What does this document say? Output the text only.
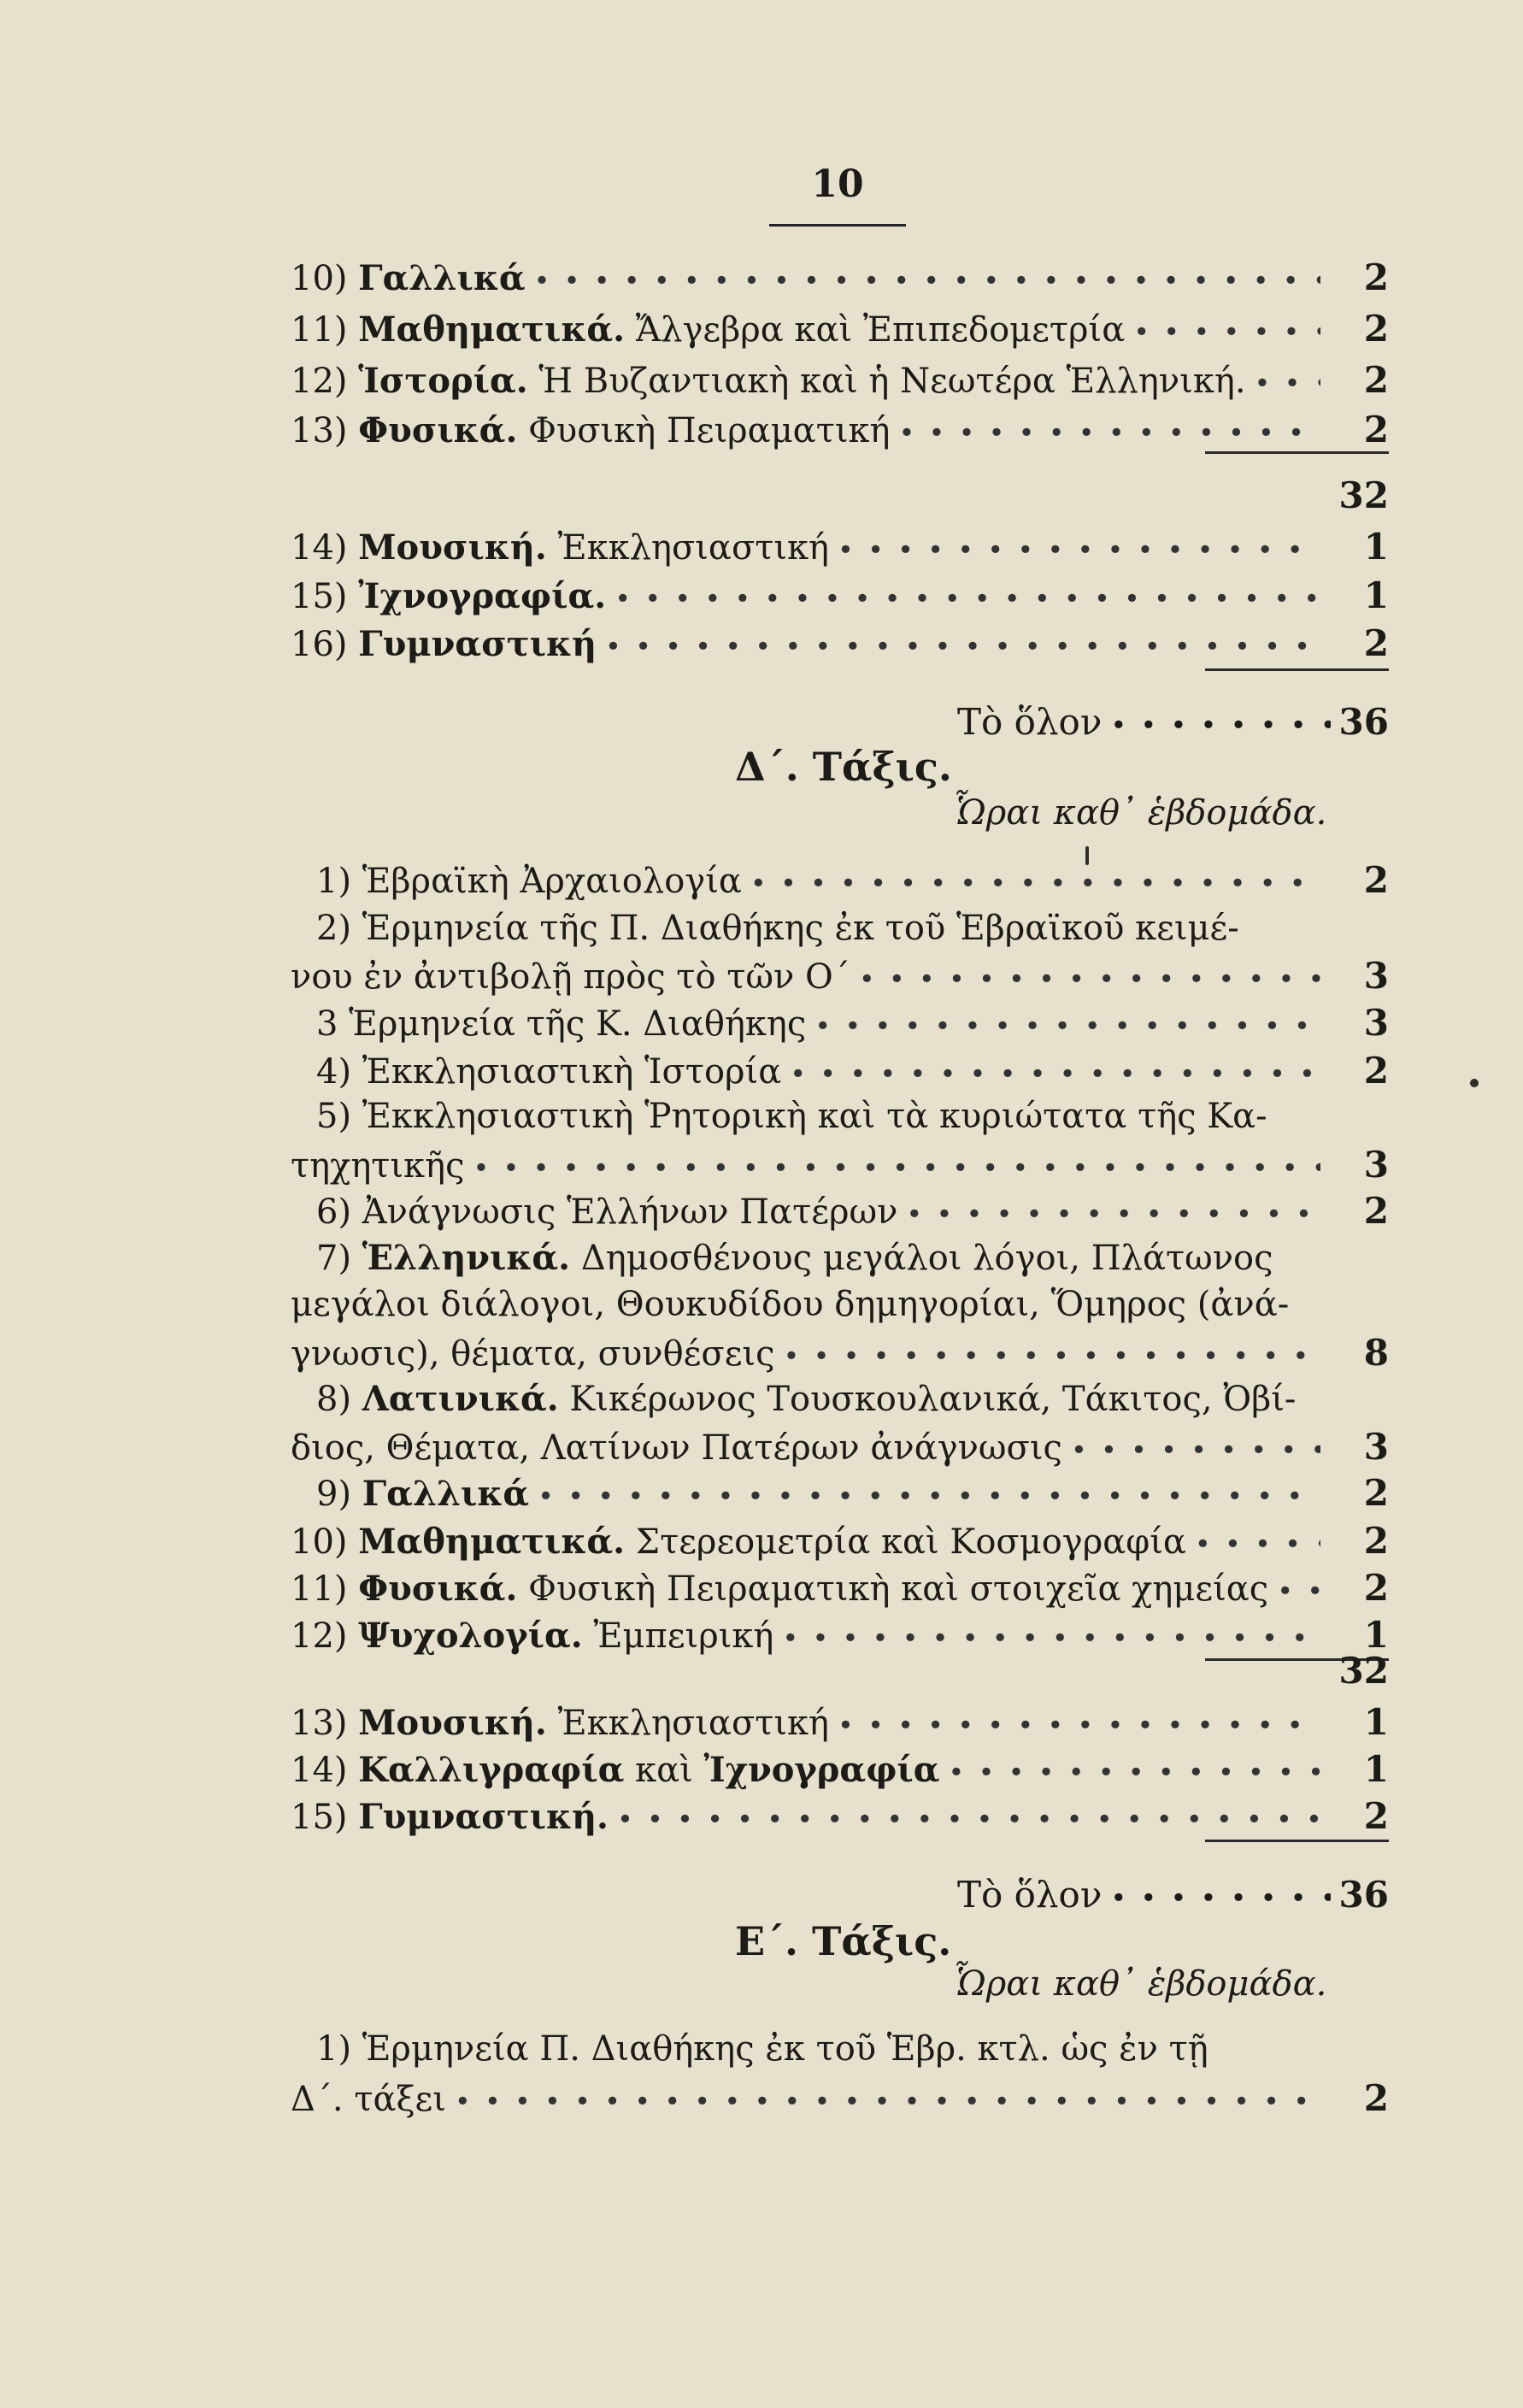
10
10) Γαλλικά • • •	2
11) Μαθηματικά. Ἄλγεβρα καὶ Ἐπιπεδομετρία • • •	2
12) Ἱστορία. Ἡ Βυζαντιακὴ καὶ ἡ Νεωτέρα Ἑλληνική. • • •	2
13) Φυσικά. Φυσικὴ Πειραματική • • •	2
32
14) Μουσική. Ἐκκλησιαστική • • •	1
15) Ἰχνογραφία. • • •	1
16) Γυμναστική • • •	2
Τὸ ὅλον • • •	36
Δ΄. Τάξις.
Ὧραι καθ᾿ ἑβδομάδα.
1) Ἑβραϊκὴ Ἀρχαιολογία • • •	2
2) Ἑρμηνεία τῆς Π. Διαθήκης ἐκ τοῦ Ἑβραϊκοῦ κειμέ-
νου ἐν ἀντιβολῇ πρὸς τὸ τῶν Ο΄ • • •	3
3 Ἑρμηνεία τῆς Κ. Διαθήκης • • •	3
4) Ἐκκλησιαστικὴ Ἱστορία • • •	2
5) Ἐκκλησιαστικὴ Ῥητορικὴ καὶ τὰ κυριώτατα τῆς Κα-
τηχητικῆς • • •	3
6) Ἀνάγνωσις Ἑλλήνων Πατέρων • • •	2
7) Ἑλληνικά. Δημοσθένους μεγάλοι λόγοι, Πλάτωνος
μεγάλοι διάλογοι, Θουκυδίδου δημηγορίαι, Ὅμηρος (ἀνά-
γνωσις), θέματα, συνθέσεις • • •	8
8) Λατινικά. Κικέρωνος Τουσκουλανικά, Τάκιτος, Ὀβί-
διος, Θέματα, Λατίνων Πατέρων ἀνάγνωσις • • •	3
9) Γαλλικά • • •	2
10) Μαθηματικά. Στερεομετρία καὶ Κοσμογραφία • • •	2
11) Φυσικά. Φυσικὴ Πειραματικὴ καὶ στοιχεῖα χημείας • • •	2
12) Ψυχολογία. Ἐμπειρική • • •	1
32
13) Μουσική. Ἐκκλησιαστική • • •	1
14) Καλλιγραφία καὶ Ἰχνογραφία • • •	1
15) Γυμναστική. • • •	2
Τὸ ὅλον • • •	36
Ε΄. Τάξις.
Ὧραι καθ᾿ ἑβδομάδα.
1) Ἑρμηνεία Π. Διαθήκης ἐκ τοῦ Ἑβρ. κτλ. ὡς ἐν τῇ
Δ΄. τάξει • • •	2
